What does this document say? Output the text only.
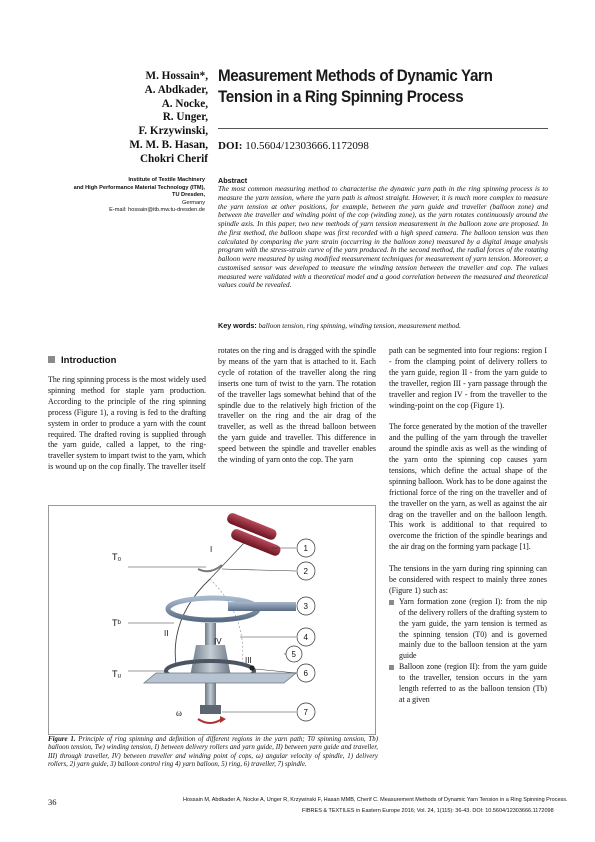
M. Hossain*,
A. Abdkader,
A. Nocke,
R. Unger,
F. Krzywinski,
M. M. B. Hasan,
Chokri Cherif
Measurement Methods of Dynamic Yarn Tension in a Ring Spinning Process
DOI: 10.5604/12303666.1172098
Institute of Textile Machinery
and High Performance Material Technology (ITM),
TU Dresden,
Germany
E-mail: hossain@itb.mw.tu-dresden.de
Abstract
The most common measuring method to characterise the dynamic yarn path in the ring spinning process is to measure the yarn tension, where the yarn path is almost straight. However, it is much more complex to measure the yarn tension at other positions, for example, between the yarn guide and traveller (balloon zone) and between the traveller and winding point of the cop (winding zone), as the yarn rotates continuously around the spindle axis. In this paper, two new methods of yarn tension measurement in the balloon zone are proposed. In the first method, the balloon shape was first recorded with a high speed camera. The balloon tension was then calculated by comparing the yarn strain (occurring in the balloon zone) measured by a digital image analysis program with the stress-strain curve of the yarn produced. In the second method, the radial forces of the rotating balloon were measured by using modified measurement techniques for measurement of yarn tension. Moreover, a customised sensor was developed to measure the winding tension between the traveller and cop. The values measured were validated with a theoretical model and a good correlation between the measured and theoretical values could be revealed.
Key words: balloon tension, ring spinning, winding tension, measurement method.
Introduction

The ring spinning process is the most widely used spinning method for staple yarn production. According to the principle of the ring spinning process (Figure 1), a roving is fed to the drafting system in order to produce a yarn with the count required. The drafted roving is supplied through the yarn guide, called a lappet, to the ring-traveller system to impart twist to the yarn, which is wound up on the cop finally. The traveller itself

rotates on the ring and is dragged with the spindle by means of the yarn that is attached to it. Each cycle of rotation of the traveller along the ring inserts one turn of twist to the yarn. The rotation of the traveller lags somewhat behind that of the spindle due to the relatively high friction of the traveller on the ring and the air drag of the traveller, as well as the thread balloon between the yarn guide and traveller. This difference in speed between the spindle and traveller enables the winding of yarn onto the cop. The yarn

path can be segmented into four regions: region I - from the clamping point of delivery rollers to the yarn guide, region II - from the yarn guide to the traveller, region III - yarn passage through the traveller and region IV - from the traveller to the winding-point on the cop (Figure 1).

The force generated by the motion of the traveller and the pulling of the yarn through the traveller around the spindle axis as well as the winding of the yarn onto the spinning cop causes yarn tensions, which define the actual shape of the spinning balloon. Work has to be done against the frictional force of the ring on the traveller and of the traveller on the yarn, as well as against the air drag on the traveller and on the balloon length. This work is additional to that required to overcome the friction of the spindle bearings and the air drag on the forming yarn package [1].

The tensions in the yarn during ring spinning can be considered with respect to mainly three zones (Figure 1) such as:

Yarn formation zone (region I): from the nip of the delivery rollers of the drafting system to the yarn guide, the yarn tension is termed as the spinning tension (T0) and is governed mainly due to the balloon tension at the yarn guide
Balloon zone (region II): from the yarn guide to the traveller, tension occurs in the yarn length referred to as the balloon tension (Tb) at a given
T₀
Tᵇ
Tᵤ
I
II
III
IV
ω
1
2
3
4
5
6
7
Figure 1. Principle of ring spinning and definition of different regions in the yarn path; T0 spinning tension, Tb) balloon tension, Tw) winding tension, I) between delivery rollers and yarn guide, II) between yarn guide and traveller, III) through traveller, IV) between traveller and winding point of cops, ω) angular velocity of spindle, 1) delivery rollers, 2) yarn guide, 3) balloon control ring 4) yarn balloon, 5) ring, 6) traveller, 7) spindle.
36	Hossain M, Abdkader A, Nocke A, Unger R, Krzywinski F, Hasan MMB, Cherif C. Measurement Methods of Dynamic Yarn Tension in a Ring Spinning Process.
FIBRES & TEXTILES in Eastern Europe 2016; Vol. 24, 1(115): 36-43. DOI: 10.5604/12303666.1172098
